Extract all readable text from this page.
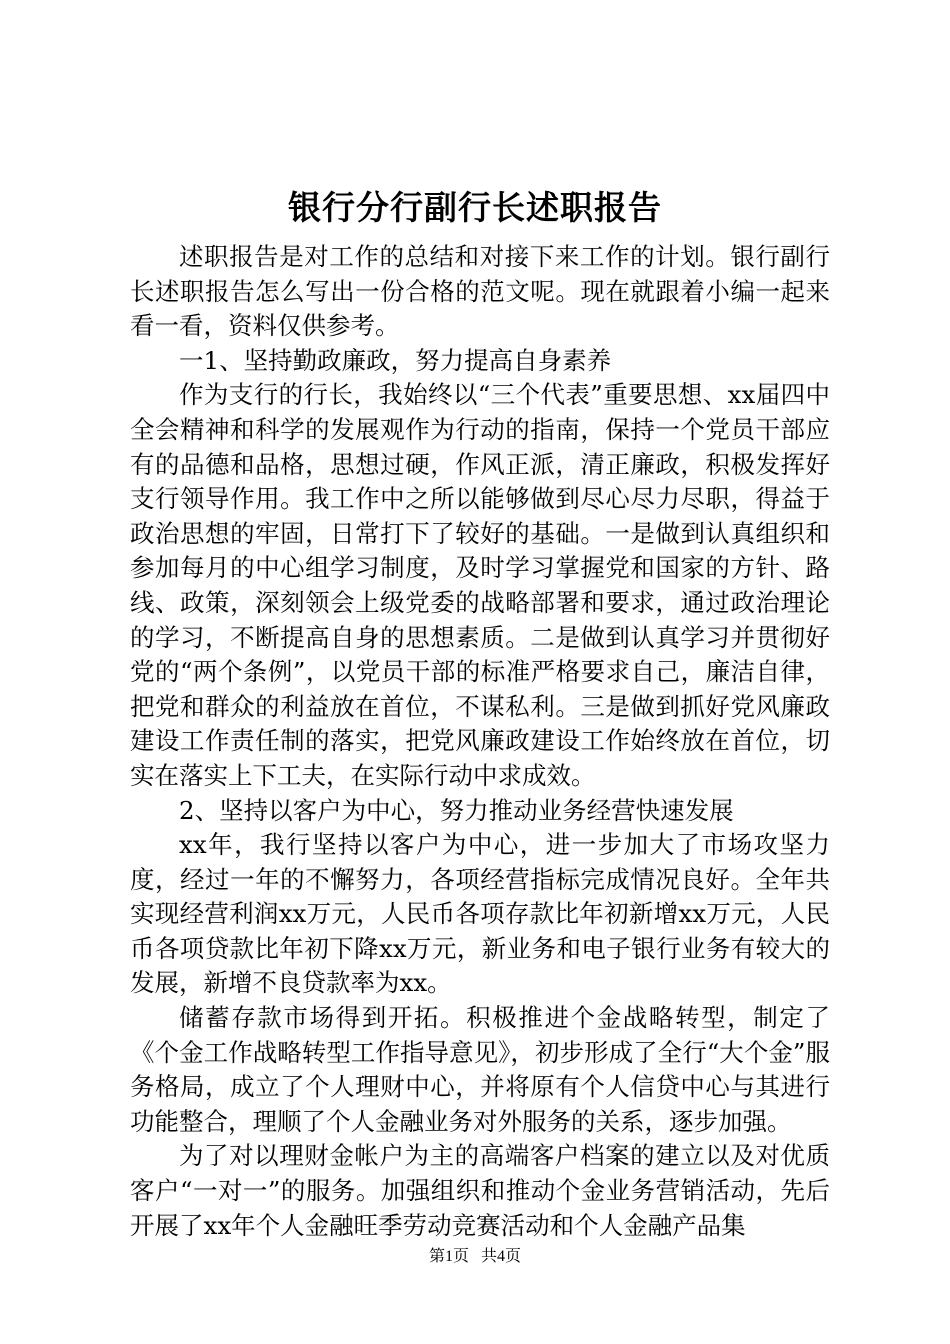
银行分行副行长述职报告

述职报告是对工作的总结和对接下来工作的计划。银行副行长述职报告怎么写出一份合格的范文呢。现在就跟着小编一起来看一看，资料仅供参考。

一1、坚持勤政廉政，努力提高自身素养

作为支行的行长，我始终以“三个代表”重要思想、xx届四中全会精神和科学的发展观作为行动的指南，保持一个党员干部应有的品德和品格，思想过硬，作风正派，清正廉政，积极发挥好支行领导作用。我工作中之所以能够做到尽心尽力尽职，得益于政治思想的牢固，日常打下了较好的基础。一是做到认真组织和参加每月的中心组学习制度，及时学习掌握党和国家的方针、路线、政策，深刻领会上级党委的战略部署和要求，通过政治理论的学习，不断提高自身的思想素质。二是做到认真学习并贯彻好党的“两个条例”，以党员干部的标准严格要求自己，廉洁自律，把党和群众的利益放在首位，不谋私利。三是做到抓好党风廉政建设工作责任制的落实，把党风廉政建设工作始终放在首位，切实在落实上下工夫，在实际行动中求成效。

2、坚持以客户为中心，努力推动业务经营快速发展

xx年，我行坚持以客户为中心，进一步加大了市场攻坚力度，经过一年的不懈努力，各项经营指标完成情况良好。全年共实现经营利润xx万元，人民币各项存款比年初新增xx万元，人民币各项贷款比年初下降xx万元，新业务和电子银行业务有较大的发展，新增不良贷款率为xx。

储蓄存款市场得到开拓。积极推进个金战略转型，制定了《个金工作战略转型工作指导意见》，初步形成了全行“大个金”服务格局，成立了个人理财中心，并将原有个人信贷中心与其进行功能整合，理顺了个人金融业务对外服务的关系，逐步加强。

为了对以理财金帐户为主的高端客户档案的建立以及对优质客户“一对一”的服务。加强组织和推动个金业务营销活动，先后开展了xx年个人金融旺季劳动竞赛活动和个人金融产品集

第1页 共4页
